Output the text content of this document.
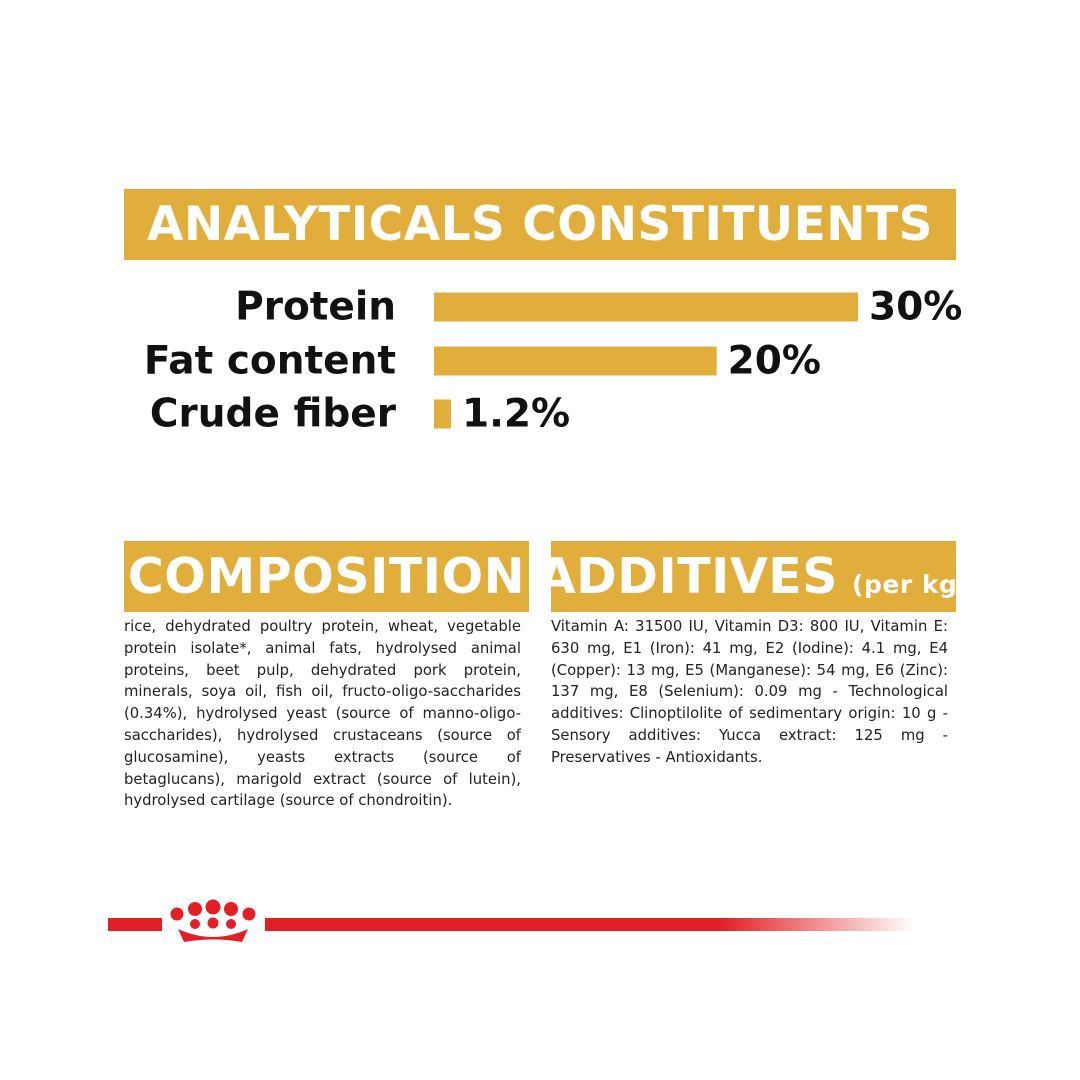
ANALYTICALS CONSTITUENTS
Protein	30%
Fat content	20%
Crude fiber 1.2%
COMPOSITION

rice, dehydrated poultry protein, wheat, vegetable protein isolate*, animal fats, hydrolysed animal proteins, beet pulp, dehydrated pork protein, minerals, soya oil, fish oil, fructo-oligo-saccharides (0.34%), hydrolysed yeast (source of manno-oligo-saccharides), hydrolysed crustaceans (source of glucosamine), yeasts extracts (source of betaglucans), marigold extract (source of lutein), hydrolysed cartilage (source of chondroitin).

ADDITIVES (per kg)

Vitamin A: 31500 IU, Vitamin D3: 800 IU, Vitamin E: 630 mg, E1 (Iron): 41 mg, E2 (Iodine): 4.1 mg, E4 (Copper): 13 mg, E5 (Manganese): 54 mg, E6 (Zinc): 137 mg, E8 (Selenium): 0.09 mg - Technological additives: Clinoptilolite of sedimentary origin: 10 g - Sensory additives: Yucca extract: 125 mg - Preservatives - Antioxidants.
